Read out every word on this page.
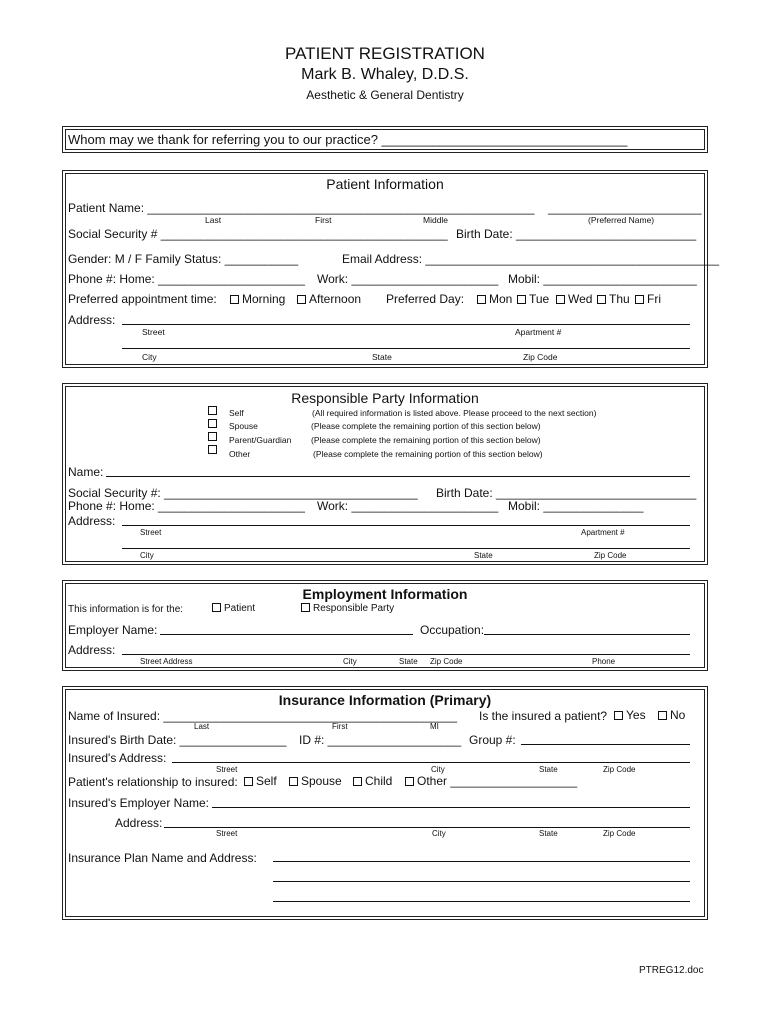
PATIENT REGISTRATION
Mark B. Whaley, D.D.S.
Aesthetic & General Dentistry
Whom may we thank for referring you to our practice? __________________________________
Patient Information
Patient Name: __________________________________________________________ _______________________
Last	First	Middle	(Preferred Name)
Social Security # ___________________________________________ Birth Date: ___________________________
Gender: M / F Family Status: ___________	Email Address: ____________________________________________
Phone #: Home: ______________________ Work: ______________________ Mobil: _______________________
Preferred appointment time:	Morning	Afternoon Preferred Day:	Mon	Tue	Wed	Thu	Fri
Address:
Street	Apartment #
City	State	Zip Code
Responsible Party Information
Self	(All required information is listed above. Please proceed to the next section)
Spouse	(Please complete the remaining portion of this section below)
Parent/Guardian (Please complete the remaining portion of this section below)
Other	(Please complete the remaining portion of this section below)
Name:
Social Security #: ______________________________________ Birth Date: ______________________________
Phone #: Home: ______________________ Work: ______________________ Mobil: _______________
Address:
Street	Apartment #
City	State	Zip Code
Employment Information
This information is for the:	Patient	Responsible Party
Employer Name:	Occupation:
Address:
Street Address	City	State Zip Code	Phone
Insurance Information (Primary)
Name of Insured: ____________________________________________ Is the insured a patient?	Yes	No
Last	First	MI
Insured's Birth Date: ________________ ID #: ____________________ Group #:
Insured's Address:
Street	City	State	Zip Code
Patient's relationship to insured:	Self	Spouse	Child	Other ___________________
Insured's Employer Name:
Address:
Street	City	State	Zip Code
Insurance Plan Name and Address:
PTREG12.doc
